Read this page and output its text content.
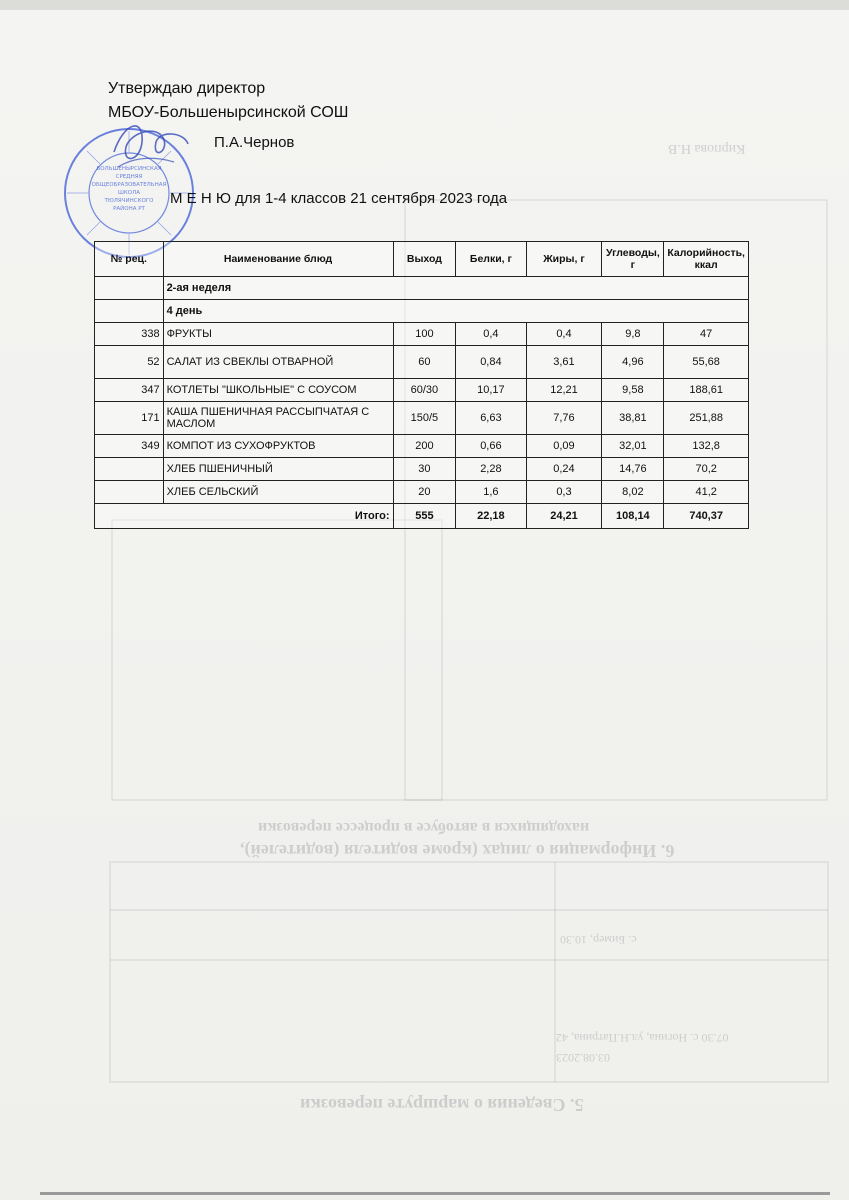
Кирпова Н.В
6. Информация о лицах (кроме водителя (водителей),
находящихся в автобусе в процессе перевозки
5. Сведения о маршруте перевозки
с. Бимер, 10.30
07.30 с. Ногина, ул.Н.Патрина, 42
03.08.2023
Утверждаю директор
МБОУ-Большенырсинской СОШ
П.А.Чернов
БОЛЬШЕНЫРСИНСКАЯ
СРЕДНЯЯ
ОБЩЕОБРАЗОВАТЕЛЬНАЯ
ШКОЛА
ТЮЛЯЧИНСКОГО
РАЙОНА РТ
М Е Н Ю для 1-4 классов 21 сентября 2023 года
№ рец.	Наименование блюд	Выход	Белки, г	Жиры, г	Углеводы, г	Калорийность, ккал
	2-ая неделя					
	4 день					
338	ФРУКТЫ	100	0,4	0,4	9,8	47
52	САЛАТ ИЗ СВЕКЛЫ ОТВАРНОЙ	60	0,84	3,61	4,96	55,68
347	КОТЛЕТЫ "ШКОЛЬНЫЕ" С СОУСОМ	60/30	10,17	12,21	9,58	188,61
171	КАША ПШЕНИЧНАЯ РАССЫПЧАТАЯ С МАСЛОМ	150/5	6,63	7,76	38,81	251,88
349	КОМПОТ ИЗ СУХОФРУКТОВ	200	0,66	0,09	32,01	132,8
	ХЛЕБ ПШЕНИЧНЫЙ	30	2,28	0,24	14,76	70,2
	ХЛЕБ СЕЛЬСКИЙ	20	1,6	0,3	8,02	41,2
Итого:		555	22,18	24,21	108,14	740,37
